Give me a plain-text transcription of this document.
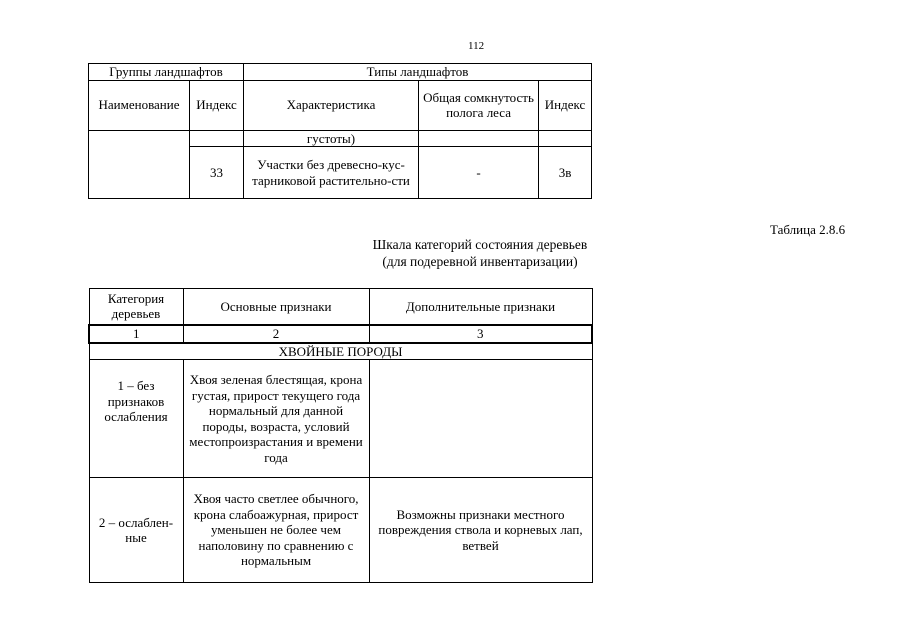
112
Группы ландшафтов		Типы ландшафтов		
Наименование	Индекс	Характеристика	Общая сомкнутость полога леса	Индекс
		густоты)		
	33	Участки без древесно-кус-тарниковой растительно-сти	-	3в
Таблица 2.8.6
Шкала категорий состояния деревьев
(для подеревной инвентаризации)
Категория деревьев	Основные признаки	Дополнительные признаки
1	2	3
ХВОЙНЫЕ ПОРОДЫ		
1 – без признаков ослабления	Хвоя зеленая блестящая, крона густая, прирост текущего года нормальный для данной породы, возраста, условий местопроизрастания и времени года	
2 – ослаблен-ные	Хвоя часто светлее обычного, крона слабоажурная, прирост уменьшен не более чем наполовину по сравнению с нормальным	Возможны признаки местного повреждения ствола и корневых лап, ветвей
